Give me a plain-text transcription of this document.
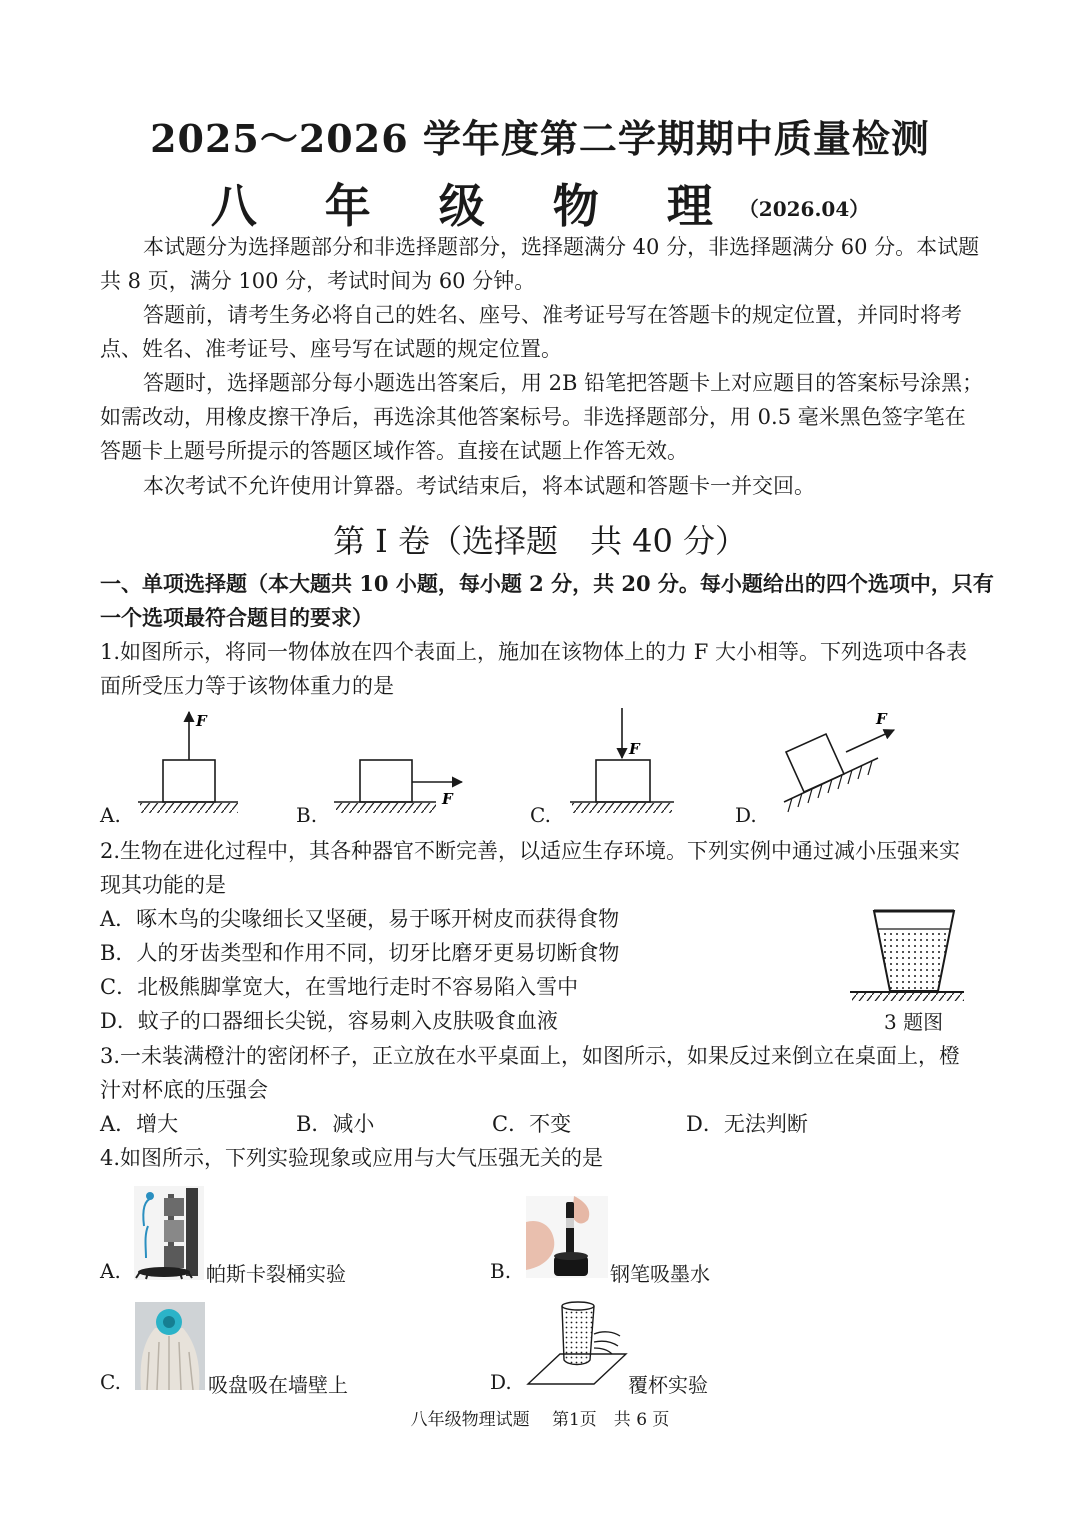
2025～2026 学年度第二学期期中质量检测
八 年 级 物 理（2026.04）
本试题分为选择题部分和非选择题部分，选择题满分 40 分，非选择题满分 60 分。本试题
共 8 页，满分 100 分，考试时间为 60 分钟。
答题前，请考生务必将自己的姓名、座号、准考证号写在答题卡的规定位置，并同时将考
点、姓名、准考证号、座号写在试题的规定位置。
答题时，选择题部分每小题选出答案后，用 2B 铅笔把答题卡上对应题目的答案标号涂黑；
如需改动，用橡皮擦干净后，再选涂其他答案标号。非选择题部分，用 0.5 毫米黑色签字笔在
答题卡上题号所提示的答题区域作答。直接在试题上作答无效。
本次考试不允许使用计算器。考试结束后，将本试题和答题卡一并交回。
第 I 卷（选择题　共 40 分）
一、单项选择题（本大题共 10 小题，每小题 2 分，共 20 分。每小题给出的四个选项中，只有
一个选项最符合题目的要求）
1.如图所示，将同一物体放在四个表面上，施加在该物体上的力 F 大小相等。下列选项中各表
面所受压力等于该物体重力的是
A.	B.	C.	D.
F
F
F
F
2.生物在进化过程中，其各种器官不断完善，以适应生存环境。下列实例中通过减小压强来实
现其功能的是
A．啄木鸟的尖喙细长又坚硬，易于啄开树皮而获得食物
B．人的牙齿类型和作用不同，切牙比磨牙更易切断食物
C．北极熊脚掌宽大，在雪地行走时不容易陷入雪中
D．蚊子的口器细长尖锐，容易刺入皮肤吸食血液	3 题图
3.一未装满橙汁的密闭杯子，正立放在水平桌面上，如图所示，如果反过来倒立在桌面上，橙
汁对杯底的压强会
A．增大	B．减小	C．不变	D．无法判断
4.如图所示，下列实验现象或应用与大气压强无关的是
A.	帕斯卡裂桶实验	B.	钢笔吸墨水
C.	吸盘吸在墙壁上	D.	覆杯实验
八年级物理试题　 第1页　共 6 页
